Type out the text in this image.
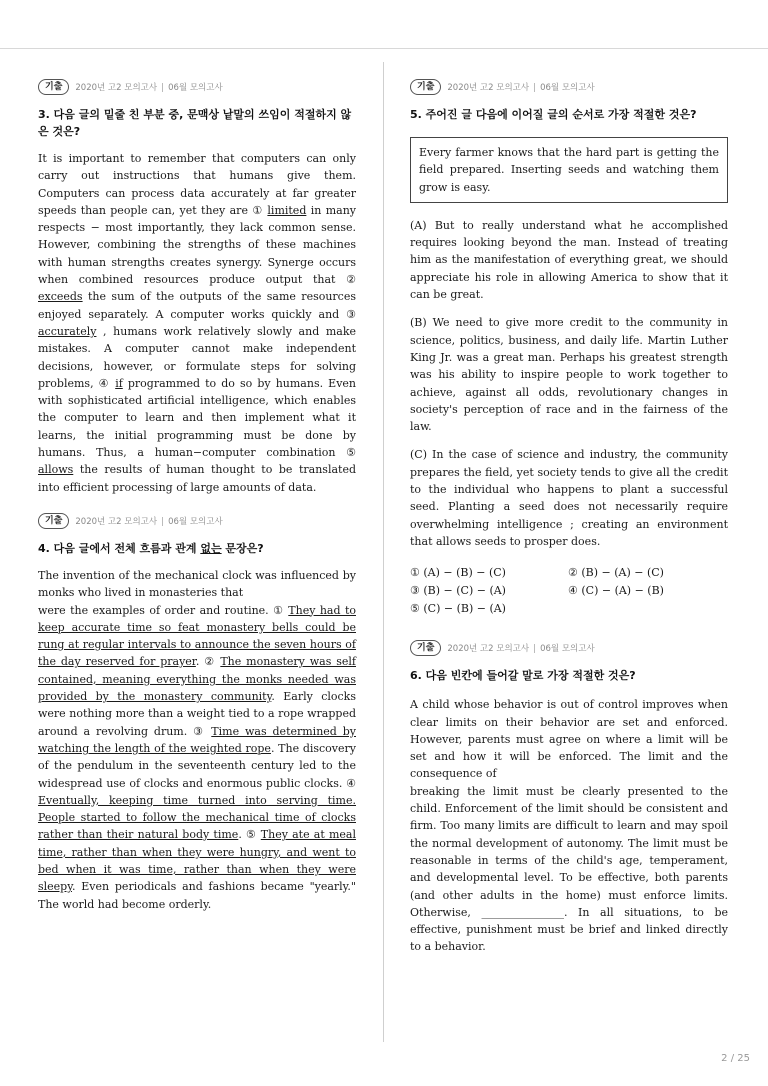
기출	2020년 고2 모의고사 06월 모의고사

3. 다음 글의 밑줄 친 부분 중, 문맥상 낱말의 쓰임이 적절하지 않은 것은?

It is important to remember that computers can only carry out instructions that humans give them. Computers can process data accurately at far greater speeds than people can, yet they are ① limited in many respects − most importantly, they lack common sense. However, combining the strengths of these machines with human strengths creates synergy. Synerge occurs when combined resources produce output that ② exceeds the sum of the outputs of the same resources enjoyed separately. A computer works quickly and ③ accurately , humans work relatively slowly and make mistakes. A computer cannot make independent decisions, however, or formulate steps for solving problems, ④ if programmed to do so by humans. Even with sophisticated artificial intelligence, which enables the computer to learn and then implement what it learns, the initial programming must be done by humans. Thus, a human−computer combination ⑤ allows the results of human thought to be translated into efficient processing of large amounts of data.

기출	2020년 고2 모의고사 06월 모의고사

4. 다음 글에서 전체 흐름과 관계 없는 문장은?

The invention of the mechanical clock was influenced by monks who lived in monasteries that

were the examples of order and routine. ① They had to keep accurate time so feat monastery bells could be rung at regular intervals to announce the seven hours of the day reserved for prayer. ② The monastery was self contained, meaning everything the monks needed was provided by the monastery community. Early clocks were nothing more than a weight tied to a rope wrapped around a revolving drum. ③ Time was determined by watching the length of the weighted rope. The discovery of the pendulum in the seventeenth century led to the widespread use of clocks and enormous public clocks. ④ Eventually, keeping time turned into serving time. People started to follow the mechanical time of clocks rather than their natural body time. ⑤ They ate at meal time, rather than when they were hungry, and went to bed when it was time, rather than when they were sleepy. Even periodicals and fashions became "yearly." The world had become orderly.

기출	2020년 고2 모의고사 06월 모의고사

5. 주어진 글 다음에 이어질 글의 순서로 가장 적절한 것은?

Every farmer knows that the hard part is getting the field prepared. Inserting seeds and watching them grow is easy.

(A) But to really understand what he accomplished requires looking beyond the man. Instead of treating him as the manifestation of everything great, we should appreciate his role in allowing America to show that it can be great.

(B) We need to give more credit to the community in science, politics, business, and daily life. Martin Luther King Jr. was a great man. Perhaps his greatest strength was his ability to inspire people to work together to achieve, against all odds, revolutionary changes in society's perception of race and in the fairness of the law.

(C) In the case of science and industry, the community prepares the field, yet society tends to give all the credit to the individual who happens to plant a successful seed. Planting a seed does not necessarily require overwhelming intelligence ; creating an environment that allows seeds to prosper does.

① (A) − (B) − (C)	② (B) − (A) − (C)
③ (B) − (C) − (A)	④ (C) − (A) − (B)
⑤ (C) − (B) − (A)
기출	2020년 고2 모의고사 06월 모의고사

6. 다음 빈칸에 들어갈 말로 가장 적절한 것은?

A child whose behavior is out of control improves when clear limits on their behavior are set and enforced. However, parents must agree on where a limit will be set and how it will be enforced. The limit and the consequence of

breaking the limit must be clearly presented to the child. Enforcement of the limit should be consistent and firm. Too many limits are difficult to learn and may spoil the normal development of autonomy. The limit must be reasonable in terms of the child's age, temperament, and developmental level. To be effective, both parents (and other adults in the home) must enforce limits. Otherwise, _______________. In all situations, to be effective, punishment must be brief and linked directly to a behavior.

2 / 25
